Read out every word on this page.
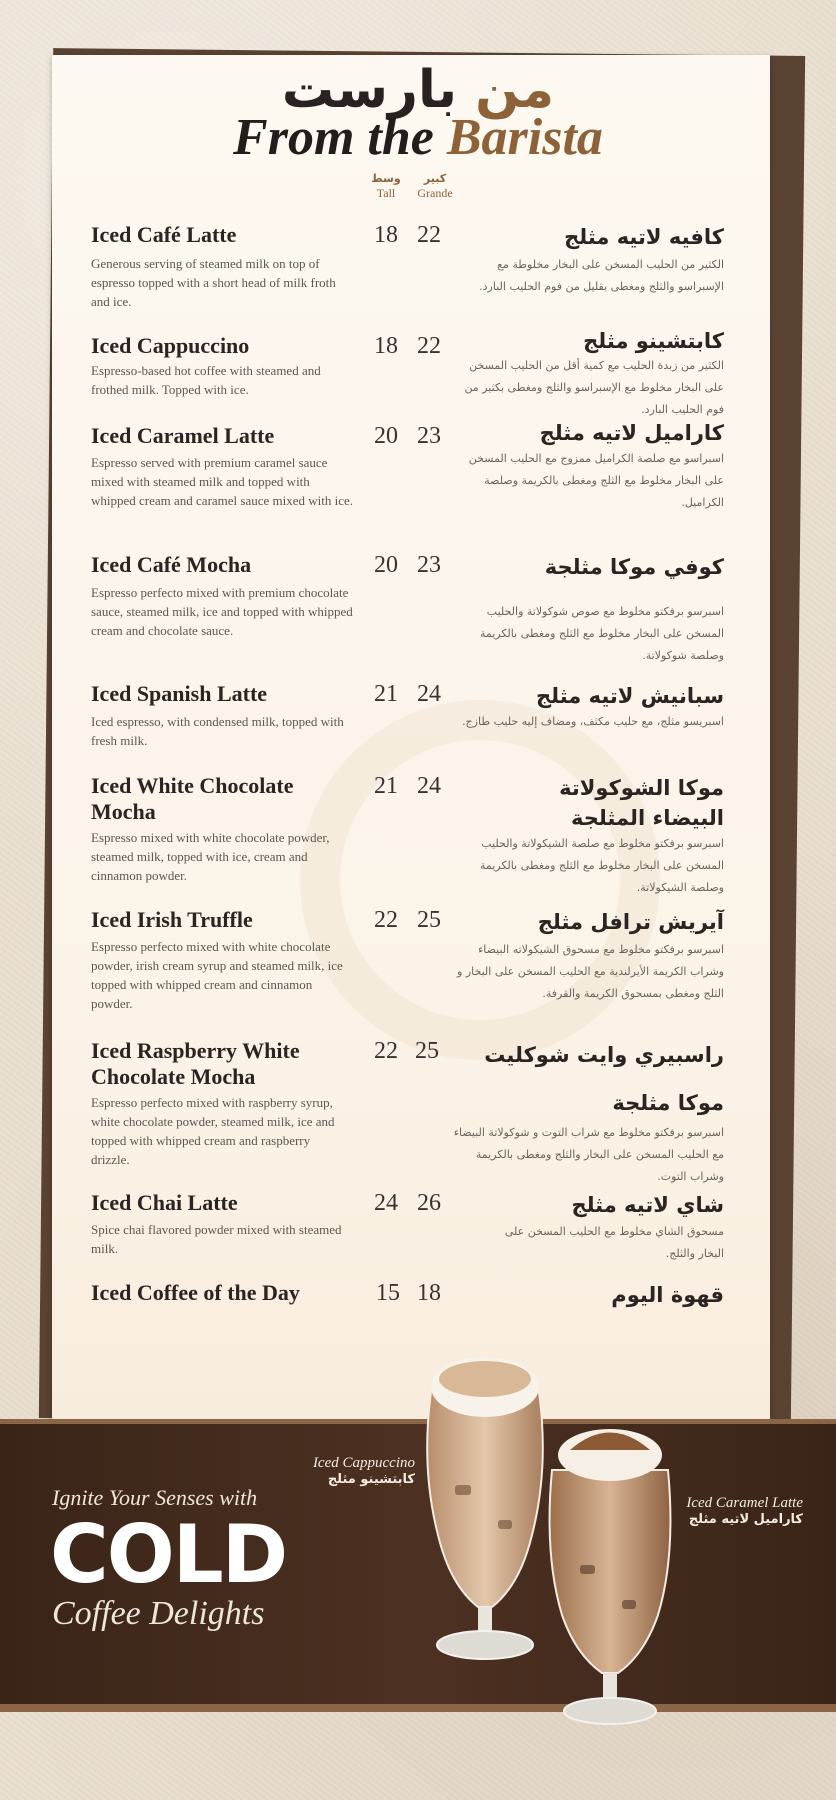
من بارست
From the Barista
وسط
Tall
كبير
Grande
Iced Café Latte
Generous serving of steamed milk on top of espresso topped with a short head of milk froth and ice.
18 22	كافيه لاتيه مثلج
الكثير من الحليب المسخن على البخار مخلوطة مع الإسبراسو والثلج ومغطى بقليل من فوم الحليب البارد.
Iced Cappuccino
Espresso-based hot coffee with steamed and frothed milk. Topped with ice.
18 22	كابتشينو مثلج
الكثير من زبدة الحليب مع كمية أقل من الحليب المسخن على البخار مخلوط مع الإسبراسو والثلج ومغطى بكثير من فوم الحليب البارد.
Iced Caramel Latte
Espresso served with premium caramel sauce mixed with steamed milk and topped with whipped cream and caramel sauce mixed with ice.
20 23	كاراميل لاتيه مثلج
اسبراسو مع صلصة الكراميل ممزوج مع الحليب المسخن على البخار مخلوط مع الثلج ومغطى بالكريمة وصلصة الكراميل.
Iced Café Mocha
Espresso perfecto mixed with premium chocolate sauce, steamed milk, ice and topped with whipped cream and chocolate sauce.
20 23	كوفي موكا مثلجة
اسبرسو برفكتو مخلوط مع صوص شوكولاتة والحليب المسخن على البخار مخلوط مع الثلج ومغطى بالكريمة وصلصة شوكولاتة.
Iced Spanish Latte
Iced espresso, with condensed milk, topped with fresh milk.
21 24	سبانيش لاتيه مثلج
اسبريسو مثلج، مع حليب مكثف، ومضاف إليه حليب طازج.
Iced White Chocolate Mocha
Espresso mixed with white chocolate powder, steamed milk, topped with ice, cream and cinnamon powder.
21 24	موكا الشوكولاتة البيضاء المثلجة
اسبرسو برفكتو مخلوط مع صلصة الشيكولاتة والحليب المسخن على البخار مخلوط مع الثلج ومغطى بالكريمة وصلصة الشيكولاتة.
Iced Irish Truffle
Espresso perfecto mixed with white chocolate powder, irish cream syrup and steamed milk, ice topped with whipped cream and cinnamon powder.
22 25	آيريش ترافل مثلج
اسبرسو برفكتو مخلوط مع مسحوق الشيكولاته البيضاء وشراب الكريمة الأيرلندية مع الحليب المسخن على البخار و الثلج ومغطى بمسحوق الكريمة والقرفة.
Iced Raspberry White Chocolate Mocha
Espresso perfecto mixed with raspberry syrup, white chocolate powder, steamed milk, ice and topped with whipped cream and raspberry drizzle.
22 25	راسبيري وايت شوكليت موكا مثلجة
اسبرسو برفكتو مخلوط مع شراب التوت و شوكولاتة البيضاء مع الحليب المسخن على البخار والثلج ومغطى بالكريمة وشراب التوت.
Iced Chai Latte
Spice chai flavored powder mixed with steamed milk.
24 26	شاي لاتيه مثلج
مسحوق الشاي مخلوط مع الحليب المسخن على البخار والثلج.
Iced Coffee of the Day	15 18	قهوة اليوم
Ignite Your Senses with
COLD
Coffee Delights
Iced Cappuccino
كابتشينو مثلج
Iced Caramel Latte
كاراميل لاتيه مثلج
